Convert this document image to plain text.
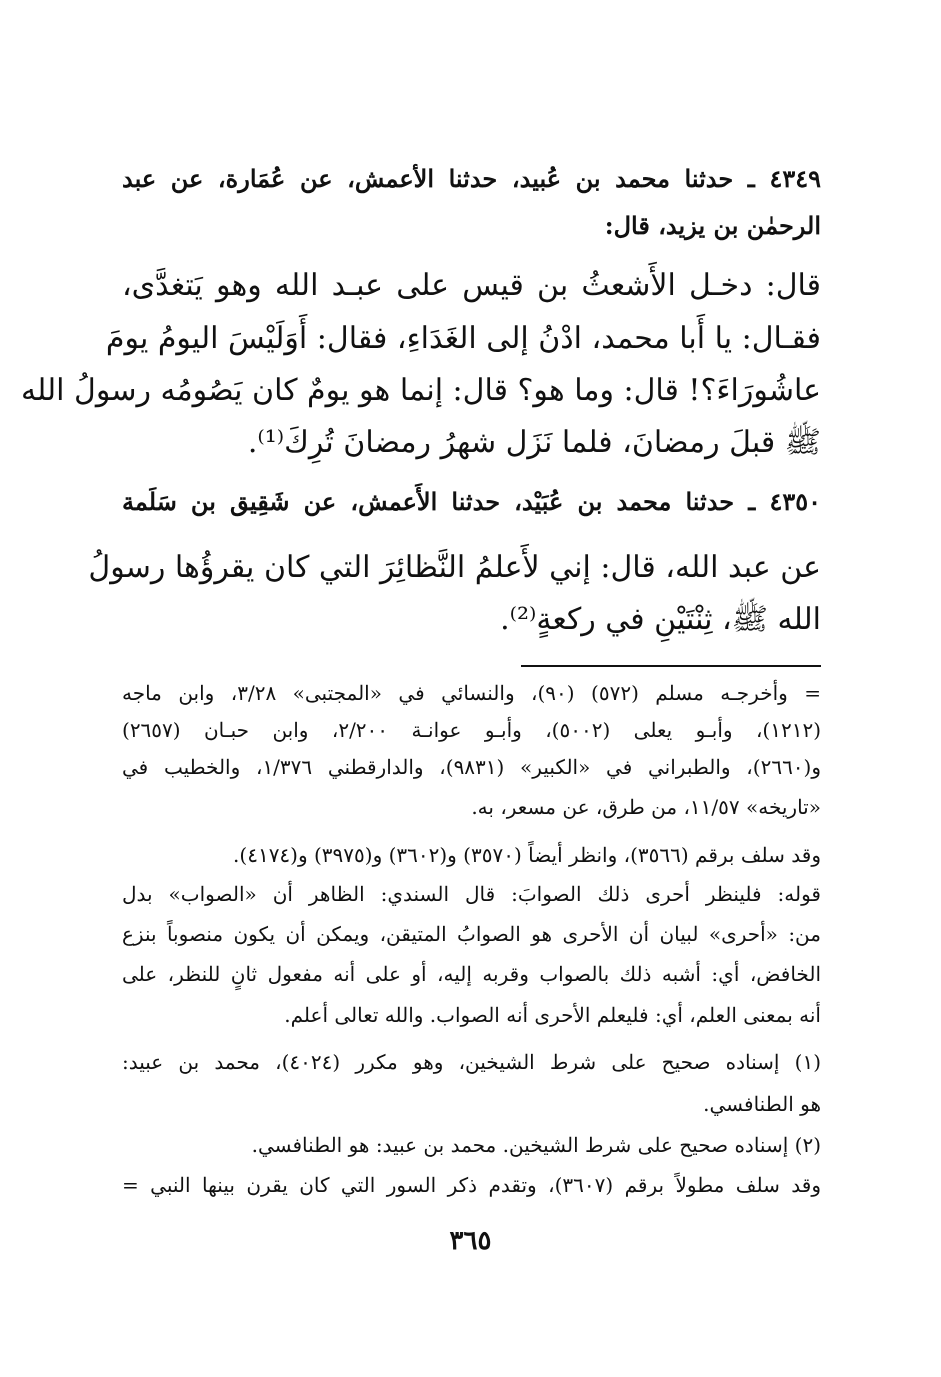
٤٣٤٩ ـ حدثنا محمد بن عُبيد، حدثنا الأعمش، عن عُمَارة، عن عبد
الرحمٰن بن يزيد، قال:
قال: دخـل الأَشعثُ بن قيس على عبـد الله وهو يَتغدَّى،
فقـال: يا أَبا محمد، ادْنُ إلى الغَدَاءِ، فقال: أَوَلَيْسَ اليومُ يومَ
عاشُورَاءَ؟! قال: وما هو؟ قال: إنما هو يومٌ كان يَصُومُه رسولُ الله
ﷺ قبلَ رمضانَ، فلما نَزَل شهرُ رمضانَ تُرِكَ⁽¹⁾.
٤٣٥٠ ـ حدثنا محمد بن عُبَيْد، حدثنا الأَعمش، عن شَقِيق بن سَلَمة
عن عبد الله، قال: إني لأَعلمُ النَّظائِرَ التي كان يقرؤُها رسولُ
الله ﷺ، ثِنْتَيْنِ في ركعةٍ⁽²⁾.
= وأخرجـه مسلم (٥٧٢) (٩٠)، والنسائي في «المجتبى» ٣/٢٨، وابن ماجه
(١٢١٢)، وأبـو يعلى (٥٠٠٢)، وأبـو عوانـة ٢/٢٠٠، وابن حبـان (٢٦٥٧)
و(٢٦٦٠)، والطبراني في «الكبير» (٩٨٣١)، والدارقطني ١/٣٧٦، والخطيب في
«تاريخه» ١١/٥٧، من طرق، عن مسعر، به.
وقد سلف برقم (٣٥٦٦)، وانظر أيضاً (٣٥٧٠) و(٣٦٠٢) و(٣٩٧٥) و(٤١٧٤).
قوله: فلينظر أحرى ذلك الصوابَ: قال السندي: الظاهر أن «الصواب» بدل
من: «أحرى» لبيان أن الأحرى هو الصوابُ المتيقن، ويمكن أن يكون منصوباً بنزع
الخافض، أي: أشبه ذلك بالصواب وقربه إليه، أو على أنه مفعول ثانٍ للنظر، على
أنه بمعنى العلم، أي: فليعلم الأحرى أنه الصواب. والله تعالى أعلم.
(١) إسناده صحيح على شرط الشيخين، وهو مكرر (٤٠٢٤)، محمد بن عبيد:
هو الطنافسي.
(٢) إسناده صحيح على شرط الشيخين. محمد بن عبيد: هو الطنافسي.
وقد سلف مطولاً برقم (٣٦٠٧)، وتقدم ذكر السور التي كان يقرن بينها النبي =
٣٦٥
